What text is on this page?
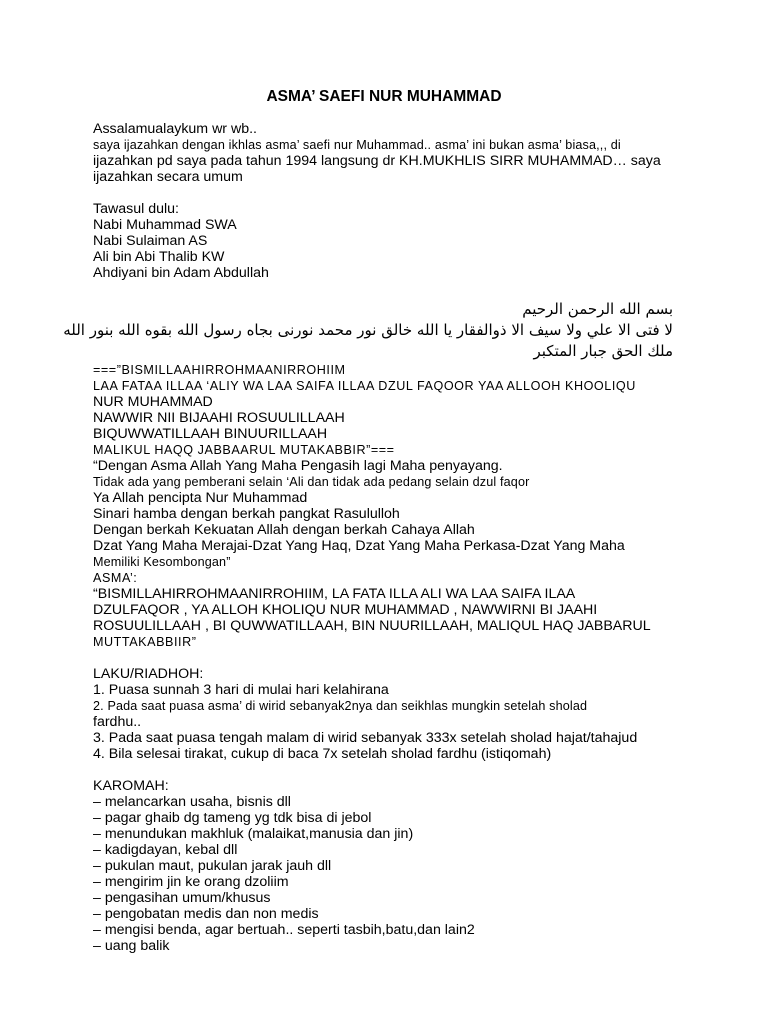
ASMA’ SAEFI NUR MUHAMMAD
Assalamualaykum wr wb..
saya ijazahkan dengan ikhlas asma’ saefi nur Muhammad.. asma’ ini bukan asma’ biasa,,, di
ijazahkan pd saya pada tahun 1994 langsung dr KH.MUKHLIS SIRR MUHAMMAD… saya
ijazahkan secara umum
Tawasul dulu:
Nabi Muhammad SWA
Nabi Sulaiman AS
Ali bin Abi Thalib KW
Ahdiyani bin Adam Abdullah
بسم الله الرحمن الرحيم
لا فتى الا علي ولا سيف الا ذوالفقار يا الله خالق نور محمد نورنى بجاه رسول الله بقوه الله بنور الله
ملك الحق جبار المتكبر
===”BISMILLAAHIRROHMAANIRROHIIM
LAA FATAA ILLAA ‘ALIY WA LAA SAIFA ILLAA DZUL FAQOOR YAA ALLOOH KHOOLIQU
NUR MUHAMMAD
NAWWIR NII BIJAAHI ROSUULILLAAH
BIQUWWATILLAAH BINUURILLAAH
MALIKUL HAQQ JABBAARUL MUTAKABBIR”===
“Dengan Asma Allah Yang Maha Pengasih lagi Maha penyayang.
Tidak ada yang pemberani selain ‘Ali dan tidak ada pedang selain dzul faqor
Ya Allah pencipta Nur Muhammad
Sinari hamba dengan berkah pangkat Rasululloh
Dengan berkah Kekuatan Allah dengan berkah Cahaya Allah
Dzat Yang Maha Merajai-Dzat Yang Haq, Dzat Yang Maha Perkasa-Dzat Yang Maha
Memiliki Kesombongan”
ASMA’:
“BISMILLAHIRROHMAANIRROHIIM, LA FATA ILLA ALI WA LAA SAIFA ILAA
DZULFAQOR , YA ALLOH KHOLIQU NUR MUHAMMAD , NAWWIRNI BI JAAHI
ROSUULILLAAH , BI QUWWATILLAAH, BIN NUURILLAAH, MALIQUL HAQ JABBARUL
MUTTAKABBIIR”
LAKU/RIADHOH:
1. Puasa sunnah 3 hari di mulai hari kelahirana
2. Pada saat puasa asma’ di wirid sebanyak2nya dan seikhlas mungkin setelah sholad
fardhu..
3. Pada saat puasa tengah malam di wirid sebanyak 333x setelah sholad hajat/tahajud
4. Bila selesai tirakat, cukup di baca 7x setelah sholad fardhu (istiqomah)
KAROMAH:
– melancarkan usaha, bisnis dll
– pagar ghaib dg tameng yg tdk bisa di jebol
– menundukan makhluk (malaikat,manusia dan jin)
– kadigdayan, kebal dll
– pukulan maut, pukulan jarak jauh dll
– mengirim jin ke orang dzoliim
– pengasihan umum/khusus
– pengobatan medis dan non medis
– mengisi benda, agar bertuah.. seperti tasbih,batu,dan lain2
– uang balik
